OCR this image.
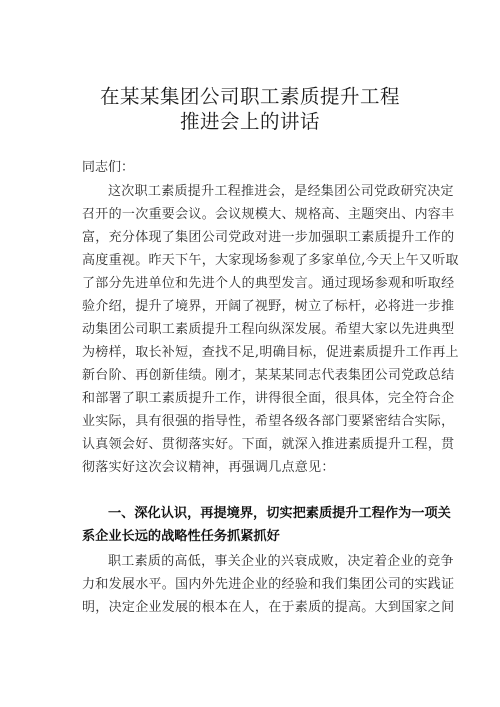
在某某集团公司职工素质提升工程
推进会上的讲话
同志们：
这次职工素质提升工程推进会，是经集团公司党政研究决定
召开的一次重要会议。会议规模大、规格高、主题突出、内容丰
富，充分体现了集团公司党政对进一步加强职工素质提升工作的
高度重视。昨天下午，大家现场参观了多家单位,今天上午又听取
了部分先进单位和先进个人的典型发言。通过现场参观和听取经
验介绍，提升了境界，开阔了视野，树立了标杆，必将进一步推
动集团公司职工素质提升工程向纵深发展。希望大家以先进典型
为榜样，取长补短，查找不足,明确目标，促进素质提升工作再上
新台阶、再创新佳绩。刚才，某某某同志代表集团公司党政总结
和部署了职工素质提升工作，讲得很全面，很具体，完全符合企
业实际，具有很强的指导性，希望各级各部门要紧密结合实际，
认真领会好、贯彻落实好。下面，就深入推进素质提升工程，贯
彻落实好这次会议精神，再强调几点意见：
一、深化认识，再提境界，切实把素质提升工程作为一项关
系企业长远的战略性任务抓紧抓好
职工素质的高低，事关企业的兴衰成败，决定着企业的竞争
力和发展水平。国内外先进企业的经验和我们集团公司的实践证
明，决定企业发展的根本在人，在于素质的提高。大到国家之间
